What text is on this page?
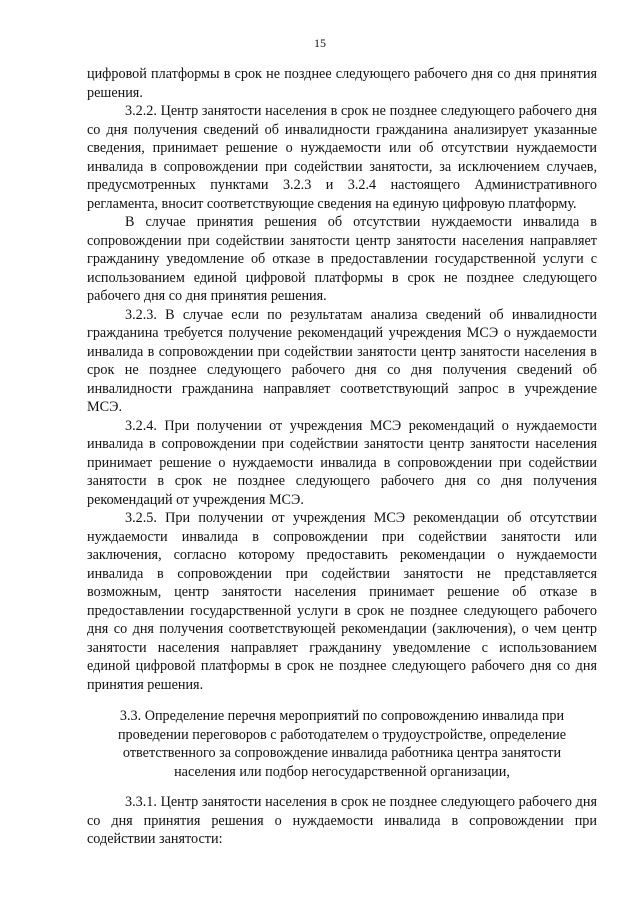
15

цифровой платформы в срок не позднее следующего рабочего дня со дня принятия решения.

3.2.2. Центр занятости населения в срок не позднее следующего рабочего дня со дня получения сведений об инвалидности гражданина анализирует указанные сведения, принимает решение о нуждаемости или об отсутствии нуждаемости инвалида в сопровождении при содействии занятости, за исключением случаев, предусмотренных пунктами 3.2.3 и 3.2.4 настоящего Административного регламента, вносит соответствующие сведения на единую цифровую платформу.

В случае принятия решения об отсутствии нуждаемости инвалида в сопровождении при содействии занятости центр занятости населения направляет гражданину уведомление об отказе в предоставлении государственной услуги с использованием единой цифровой платформы в срок не позднее следующего рабочего дня со дня принятия решения.

3.2.3. В случае если по результатам анализа сведений об инвалидности гражданина требуется получение рекомендаций учреждения МСЭ о нуждаемости инвалида в сопровождении при содействии занятости центр занятости населения в срок не позднее следующего рабочего дня со дня получения сведений об инвалидности гражданина направляет соответствующий запрос в учреждение МСЭ.

3.2.4. При получении от учреждения МСЭ рекомендаций о нуждаемости инвалида в сопровождении при содействии занятости центр занятости населения принимает решение о нуждаемости инвалида в сопровождении при содействии занятости в срок не позднее следующего рабочего дня со дня получения рекомендаций от учреждения МСЭ.

3.2.5. При получении от учреждения МСЭ рекомендации об отсутствии нуждаемости инвалида в сопровождении при содействии занятости или заключения, согласно которому предоставить рекомендации о нуждаемости инвалида в сопровождении при содействии занятости не представляется возможным, центр занятости населения принимает решение об отказе в предоставлении государственной услуги в срок не позднее следующего рабочего дня со дня получения соответствующей рекомендации (заключения), о чем центр занятости населения направляет гражданину уведомление с использованием единой цифровой платформы в срок не позднее следующего рабочего дня со дня принятия решения.

3.3. Определение перечня мероприятий по сопровождению инвалида при проведении переговоров с работодателем о трудоустройстве, определение ответственного за сопровождение инвалида работника центра занятости населения или подбор негосударственной организации,

3.3.1. Центр занятости населения в срок не позднее следующего рабочего дня со дня принятия решения о нуждаемости инвалида в сопровождении при содействии занятости:
